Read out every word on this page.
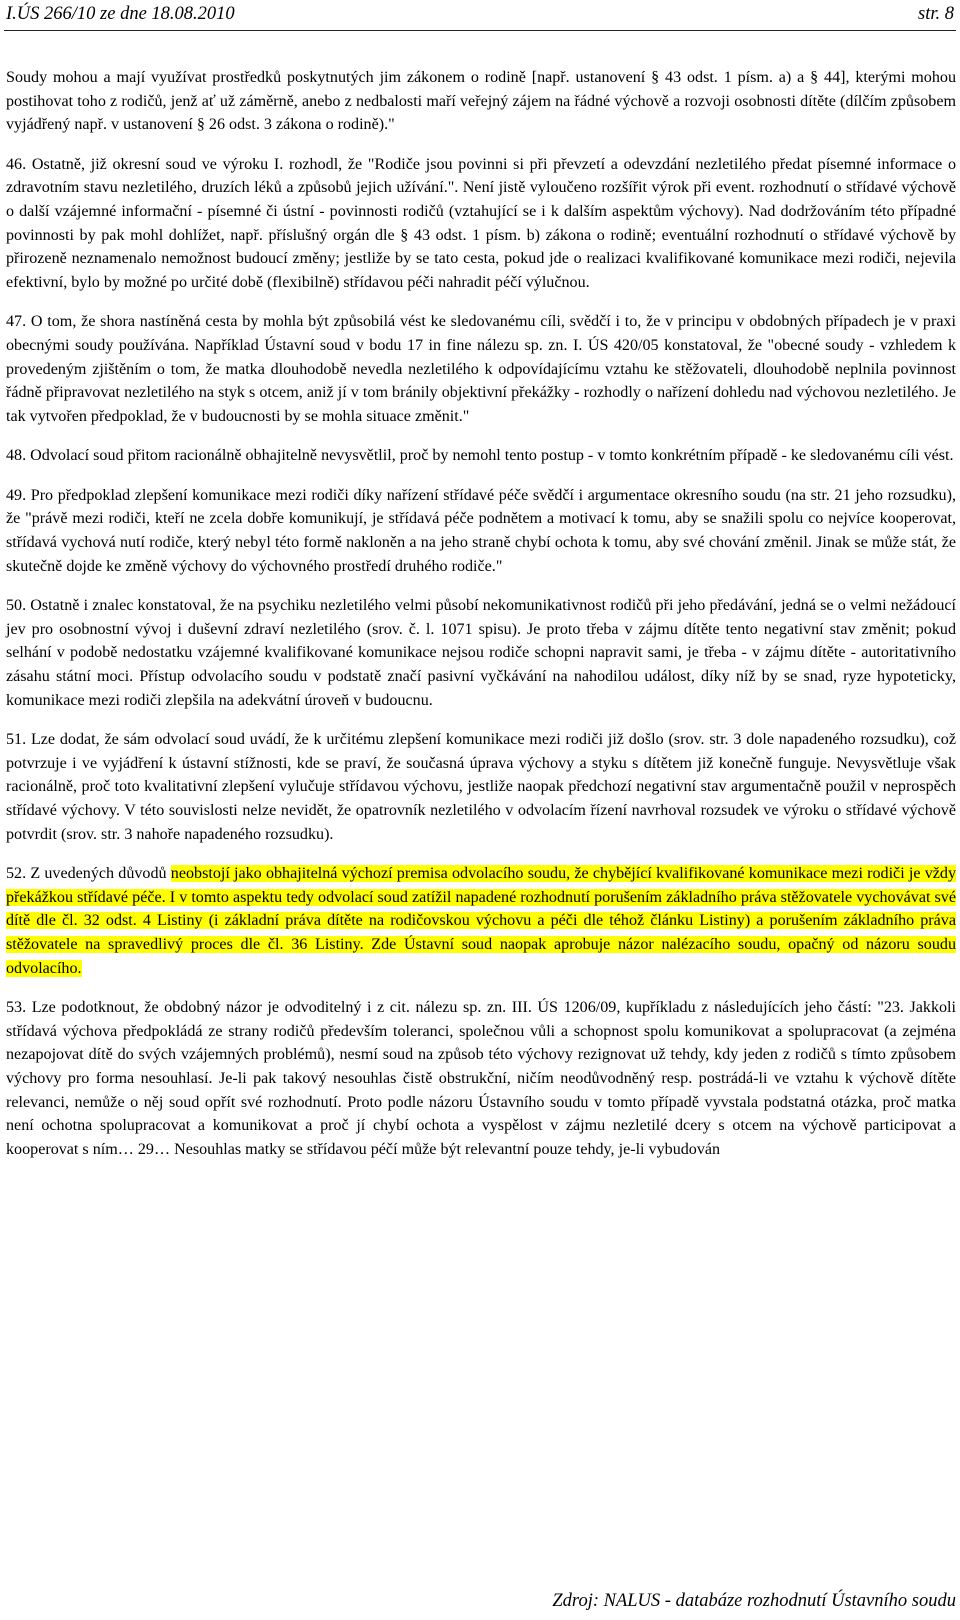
I.ÚS 266/10 ze dne 18.08.2010	str. 8

Soudy mohou a mají využívat prostředků poskytnutých jim zákonem o rodině [např. ustanovení § 43 odst. 1 písm. a) a § 44], kterými mohou postihovat toho z rodičů, jenž ať už záměrně, anebo z nedbalosti maří veřejný zájem na řádné výchově a rozvoji osobnosti dítěte (dílčím způsobem vyjádřený např. v ustanovení § 26 odst. 3 zákona o rodině)."

46. Ostatně, již okresní soud ve výroku I. rozhodl, že "Rodiče jsou povinni si při převzetí a odevzdání nezletilého předat písemné informace o zdravotním stavu nezletilého, druzích léků a způsobů jejich užívání.". Není jistě vyloučeno rozšířit výrok při event. rozhodnutí o střídavé výchově o další vzájemné informační - písemné či ústní - povinnosti rodičů (vztahující se i k dalším aspektům výchovy). Nad dodržováním této případné povinnosti by pak mohl dohlížet, např. příslušný orgán dle § 43 odst. 1 písm. b) zákona o rodině; eventuální rozhodnutí o střídavé výchově by přirozeně neznamenalo nemožnost budoucí změny; jestliže by se tato cesta, pokud jde o realizaci kvalifikované komunikace mezi rodiči, nejevila efektivní, bylo by možné po určité době (flexibilně) střídavou péči nahradit péčí výlučnou.

47. O tom, že shora nastíněná cesta by mohla být způsobilá vést ke sledovanému cíli, svědčí i to, že v principu v obdobných případech je v praxi obecnými soudy používána. Například Ústavní soud v bodu 17 in fine nálezu sp. zn. I. ÚS 420/05 konstatoval, že "obecné soudy - vzhledem k provedeným zjištěním o tom, že matka dlouhodobě nevedla nezletilého k odpovídajícímu vztahu ke stěžovateli, dlouhodobě neplnila povinnost řádně připravovat nezletilého na styk s otcem, aniž jí v tom bránily objektivní překážky - rozhodly o nařízení dohledu nad výchovou nezletilého. Je tak vytvořen předpoklad, že v budoucnosti by se mohla situace změnit."

48. Odvolací soud přitom racionálně obhajitelně nevysvětlil, proč by nemohl tento postup - v tomto konkrétním případě - ke sledovanému cíli vést.

49. Pro předpoklad zlepšení komunikace mezi rodiči díky nařízení střídavé péče svědčí i argumentace okresního soudu (na str. 21 jeho rozsudku), že "právě mezi rodiči, kteří ne zcela dobře komunikují, je střídavá péče podnětem a motivací k tomu, aby se snažili spolu co nejvíce kooperovat, střídavá vychová nutí rodiče, který nebyl této formě nakloněn a na jeho straně chybí ochota k tomu, aby své chování změnil. Jinak se může stát, že skutečně dojde ke změně výchovy do výchovného prostředí druhého rodiče."

50. Ostatně i znalec konstatoval, že na psychiku nezletilého velmi působí nekomunikativnost rodičů při jeho předávání, jedná se o velmi nežádoucí jev pro osobnostní vývoj i duševní zdraví nezletilého (srov. č. l. 1071 spisu). Je proto třeba v zájmu dítěte tento negativní stav změnit; pokud selhání v podobě nedostatku vzájemné kvalifikované komunikace nejsou rodiče schopni napravit sami, je třeba - v zájmu dítěte - autoritativního zásahu státní moci. Přístup odvolacího soudu v podstatě značí pasivní vyčkávání na nahodilou událost, díky níž by se snad, ryze hypoteticky, komunikace mezi rodiči zlepšila na adekvátní úroveň v budoucnu.

51. Lze dodat, že sám odvolací soud uvádí, že k určitému zlepšení komunikace mezi rodiči již došlo (srov. str. 3 dole napadeného rozsudku), což potvrzuje i ve vyjádření k ústavní stížnosti, kde se praví, že současná úprava výchovy a styku s dítětem již konečně funguje. Nevysvětluje však racionálně, proč toto kvalitativní zlepšení vylučuje střídavou výchovu, jestliže naopak předchozí negativní stav argumentačně použil v neprospěch střídavé výchovy. V této souvislosti nelze nevidět, že opatrovník nezletilého v odvolacím řízení navrhoval rozsudek ve výroku o střídavé výchově potvrdit (srov. str. 3 nahoře napadeného rozsudku).

52. Z uvedených důvodů neobstojí jako obhajitelná výchozí premisa odvolacího soudu, že chybějící kvalifikované komunikace mezi rodiči je vždy překážkou střídavé péče. I v tomto aspektu tedy odvolací soud zatížil napadené rozhodnutí porušením základního práva stěžovatele vychovávat své dítě dle čl. 32 odst. 4 Listiny (i základní práva dítěte na rodičovskou výchovu a péči dle téhož článku Listiny) a porušením základního práva stěžovatele na spravedlivý proces dle čl. 36 Listiny. Zde Ústavní soud naopak aprobuje názor nalézacího soudu, opačný od názoru soudu odvolacího.

53. Lze podotknout, že obdobný názor je odvoditelný i z cit. nálezu sp. zn. III. ÚS 1206/09, kupříkladu z následujících jeho částí: "23. Jakkoli střídavá výchova předpokládá ze strany rodičů především toleranci, společnou vůli a schopnost spolu komunikovat a spolupracovat (a zejména nezapojovat dítě do svých vzájemných problémů), nesmí soud na způsob této výchovy rezignovat už tehdy, kdy jeden z rodičů s tímto způsobem výchovy pro forma nesouhlasí. Je-li pak takový nesouhlas čistě obstrukční, ničím neodůvodněný resp. postrádá-li ve vztahu k výchově dítěte relevanci, nemůže o něj soud opřít své rozhodnutí. Proto podle názoru Ústavního soudu v tomto případě vyvstala podstatná otázka, proč matka není ochotna spolupracovat a komunikovat a proč jí chybí ochota a vyspělost v zájmu nezletilé dcery s otcem na výchově participovat a kooperovat s ním… 29… Nesouhlas matky se střídavou péčí může být relevantní pouze tehdy, je-li vybudován

Zdroj: NALUS - databáze rozhodnutí Ústavního soudu
